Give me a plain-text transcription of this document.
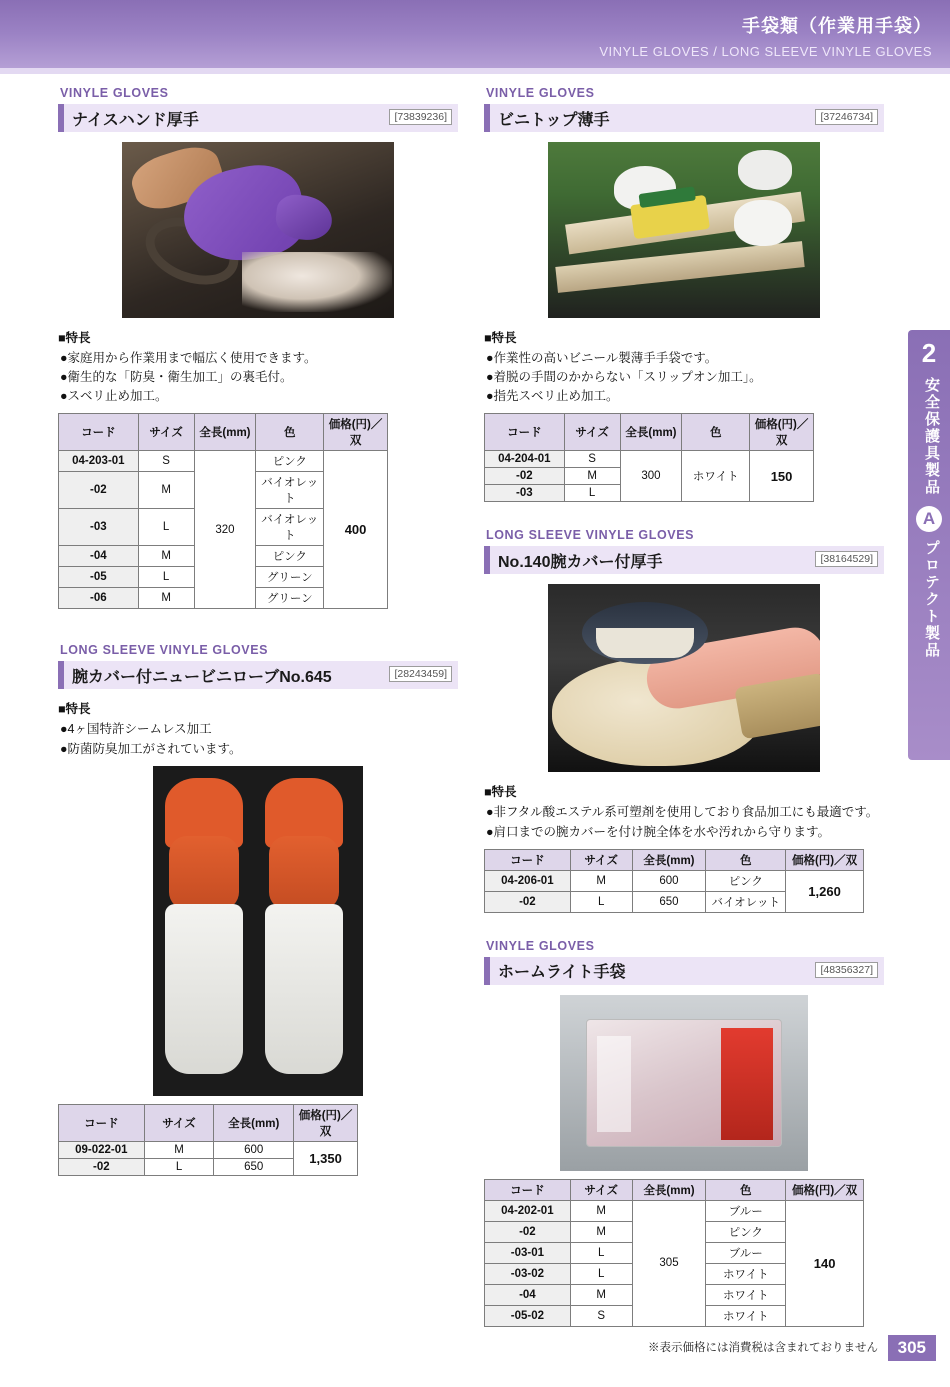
手袋類（作業用手袋）
VINYLE GLOVES / LONG SLEEVE VINYLE GLOVES
2
安全保護具製品
A
プロテクト製品
VINYLE GLOVES
ナイスハンド厚手	[73839236]
■特長
●家庭用から作業用まで幅広く使用できます。
●衛生的な「防臭・衛生加工」の裏毛付。
●スベリ止め加工。
コード	サイズ	全長(mm)	色	価格(円)／双
04-203-01	S	320	ピンク	400
-02	M		バイオレット	
-03	L		バイオレット	
-04	M		ピンク	
-05	L		グリーン	
-06	M		グリーン	
LONG SLEEVE VINYLE GLOVES
腕カバー付ニュービニローブNo.645	[28243459]
■特長
●4ヶ国特許シームレス加工
●防菌防臭加工がされています。
コード	サイズ	全長(mm)	価格(円)／双
09-022-01	M	600	1,350
-02	L	650	
VINYLE GLOVES
ビニトップ薄手	[37246734]
■特長
●作業性の高いビニール製薄手手袋です。
●着脱の手間のかからない「スリップオン加工」。
●指先スベリ止め加工。
コード	サイズ	全長(mm)	色	価格(円)／双
04-204-01	S	300	ホワイト	150
-02	M			
-03	L			
LONG SLEEVE VINYLE GLOVES
No.140腕カバー付厚手	[38164529]
■特長
●非フタル酸エステル系可塑剤を使用しており食品加工にも最適です。
●肩口までの腕カバーを付け腕全体を水や汚れから守ります。
コード	サイズ	全長(mm)	色	価格(円)／双
04-206-01	M	600	ピンク	1,260
-02	L	650	バイオレット	
VINYLE GLOVES
ホームライト手袋	[48356327]
コード	サイズ	全長(mm)	色	価格(円)／双
04-202-01	M	305	ブルー	140
-02	M		ピンク	
-03-01	L		ブルー	
-03-02	L		ホワイト	
-04	M		ホワイト	
-05-02	S		ホワイト	
※表示価格には消費税は含まれておりません	305
